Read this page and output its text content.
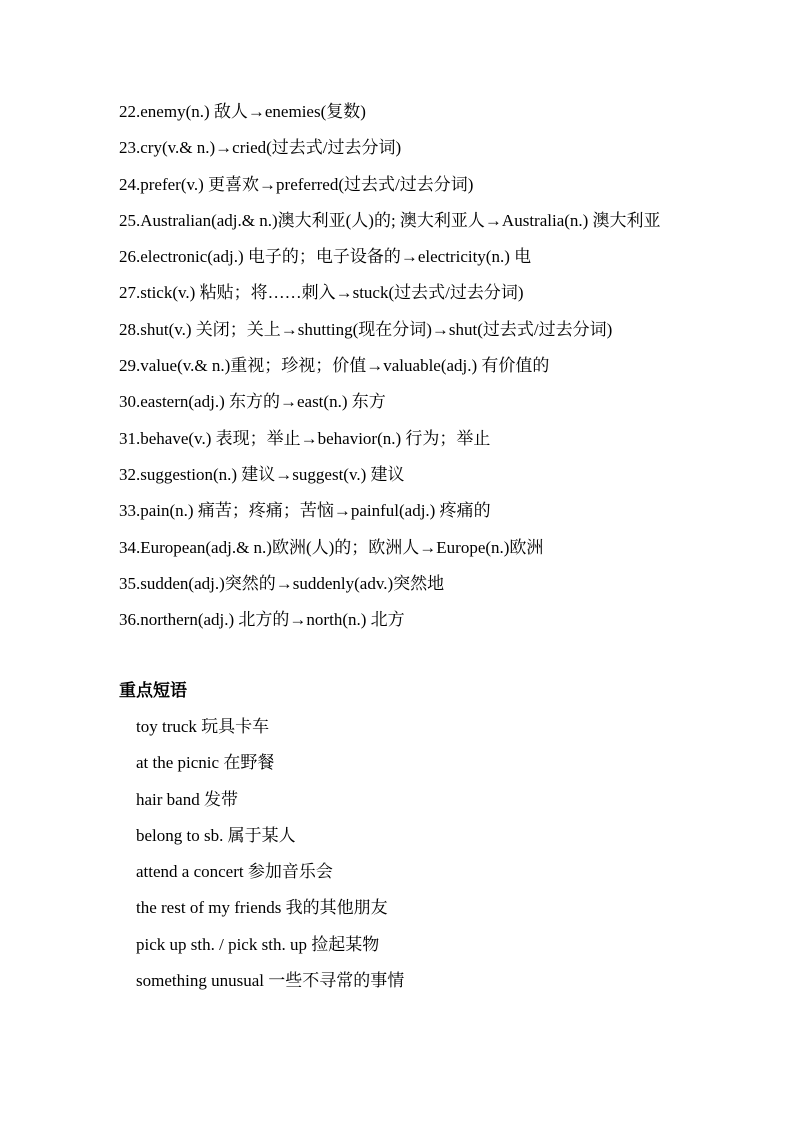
22.enemy(n.) 敌人→enemies(复数)
23.cry(v.& n.)→cried(过去式/过去分词)
24.prefer(v.) 更喜欢→preferred(过去式/过去分词)
25.Australian(adj.& n.)澳大利亚(人)的; 澳大利亚人→Australia(n.) 澳大利亚
26.electronic(adj.) 电子的；电子设备的→electricity(n.) 电
27.stick(v.) 粘贴；将……刺入→stuck(过去式/过去分词)
28.shut(v.) 关闭；关上→shutting(现在分词)→shut(过去式/过去分词)
29.value(v.& n.)重视；珍视；价值→valuable(adj.) 有价值的
30.eastern(adj.) 东方的→east(n.) 东方
31.behave(v.) 表现；举止→behavior(n.) 行为；举止
32.suggestion(n.) 建议→suggest(v.) 建议
33.pain(n.) 痛苦；疼痛；苦恼→painful(adj.) 疼痛的
34.European(adj.& n.)欧洲(人)的；欧洲人→Europe(n.)欧洲
35.sudden(adj.)突然的→suddenly(adv.)突然地
36.northern(adj.) 北方的→north(n.) 北方
重点短语
toy truck 玩具卡车
at the picnic 在野餐
hair band 发带
belong to sb. 属于某人
attend a concert 参加音乐会
the rest of my friends 我的其他朋友
pick up sth. / pick sth. up 捡起某物
something unusual 一些不寻常的事情
